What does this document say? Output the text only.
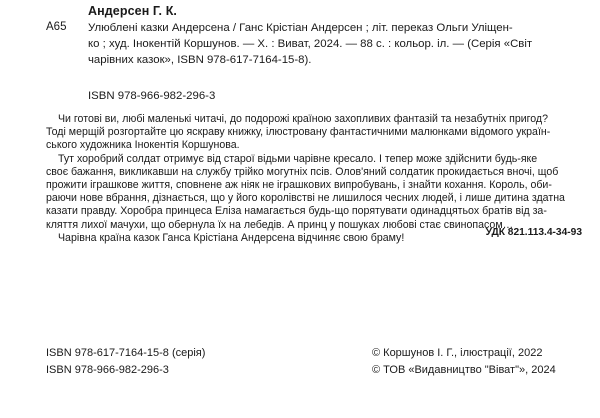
Андерсен Г. К.
А65 Улюблені казки Андерсена / Ганс Крістіан Андерсен ; літ. переказ Ольги Уліщен-
ко ; худ. Інокентій Коршунов. — Х. : Виват, 2024. — 88 с. : кольор. іл. — (Серія «Світ
чарівних казок», ISBN 978-617-7164-15-8).
ISBN 978-966-982-296-3
Чи готові ви, любі маленькі читачі, до подорожі країною захопливих фантазій та незабутніх пригод?
Тоді мерщій розгортайте цю яскраву книжку, ілюстровану фантастичними малюнками відомого україн-
ського художника Інокентія Коршунова.
Тут хоробрий солдат отримує від старої відьми чарівне кресало. І тепер може здійснити будь-яке
своє бажання, викликавши на службу трійко могутніх псів. Олов'яний солдатик прокидається вночі, щоб
прожити іграшкове життя, сповнене аж ніяк не іграшкових випробувань, і знайти кохання. Король, оби-
раючи нове вбрання, дізнається, що у його королівстві не лишилося чесних людей, і лише дитина здатна
казати правду. Хоробра принцеса Еліза намагається будь-що порятувати одинадцятьох братів від за-
кляття лихої мачухи, що обернула їх на лебедів. А принц у пошуках любові стає свинопасом…
Чарівна країна казок Ганса Крістіана Андерсена відчиняє свою браму!	УДК 821.113.4-34-93
ISBN 978-617-7164-15-8 (серія)
ISBN 978-966-982-296-3
© Коршунов І. Г., ілюстрації, 2022
© ТОВ «Видавництво "Віват"», 2024
